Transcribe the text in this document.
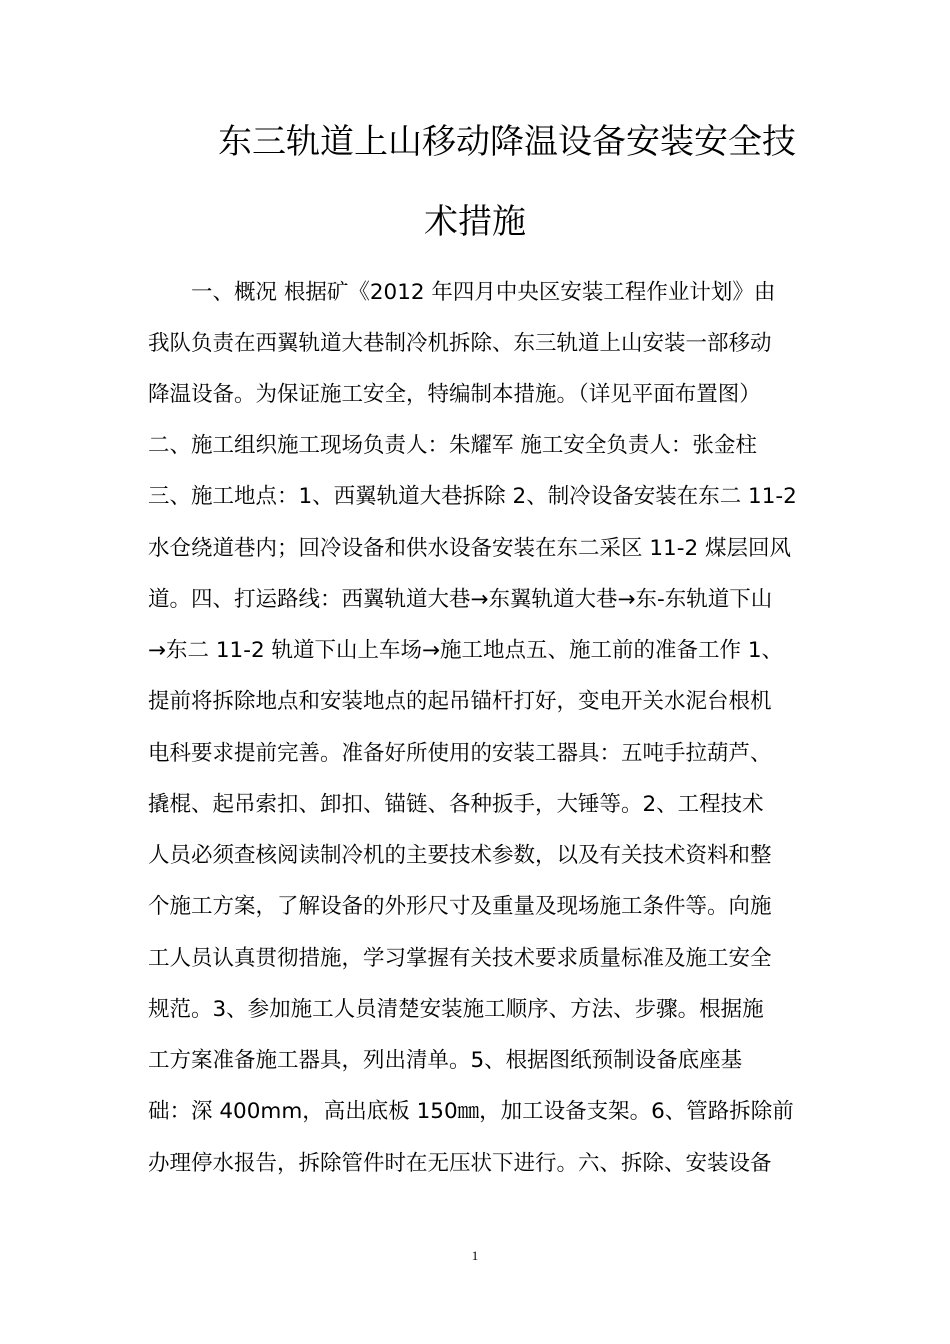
东三轨道上山移动降温设备安装安全技
术措施
　　一、概况 根据矿《2012 年四月中央区安装工程作业计划》由
我队负责在西翼轨道大巷制冷机拆除、东三轨道上山安装一部移动
降温设备。为保证施工安全，特编制本措施。（详见平面布置图）
二、施工组织施工现场负责人：朱耀军 施工安全负责人：张金柱
三、施工地点：1、西翼轨道大巷拆除 2、制冷设备安装在东二 11-2
水仓绕道巷内；回冷设备和供水设备安装在东二采区 11-2 煤层回风
道。四、打运路线：西翼轨道大巷→东翼轨道大巷→东-东轨道下山
→东二 11-2 轨道下山上车场→施工地点五、施工前的准备工作 1、
提前将拆除地点和安装地点的起吊锚杆打好，变电开关水泥台根机
电科要求提前完善。准备好所使用的安装工器具：五吨手拉葫芦、
撬棍、起吊索扣、卸扣、锚链、各种扳手，大锤等。2、工程技术
人员必须查核阅读制冷机的主要技术参数，以及有关技术资料和整
个施工方案，了解设备的外形尺寸及重量及现场施工条件等。向施
工人员认真贯彻措施，学习掌握有关技术要求质量标准及施工安全
规范。3、参加施工人员清楚安装施工顺序、方法、步骤。根据施
工方案准备施工器具，列出清单。5、根据图纸预制设备底座基
础：深 400mm，高出底板 150㎜，加工设备支架。6、管路拆除前
办理停水报告，拆除管件时在无压状下进行。六、拆除、安装设备
1
